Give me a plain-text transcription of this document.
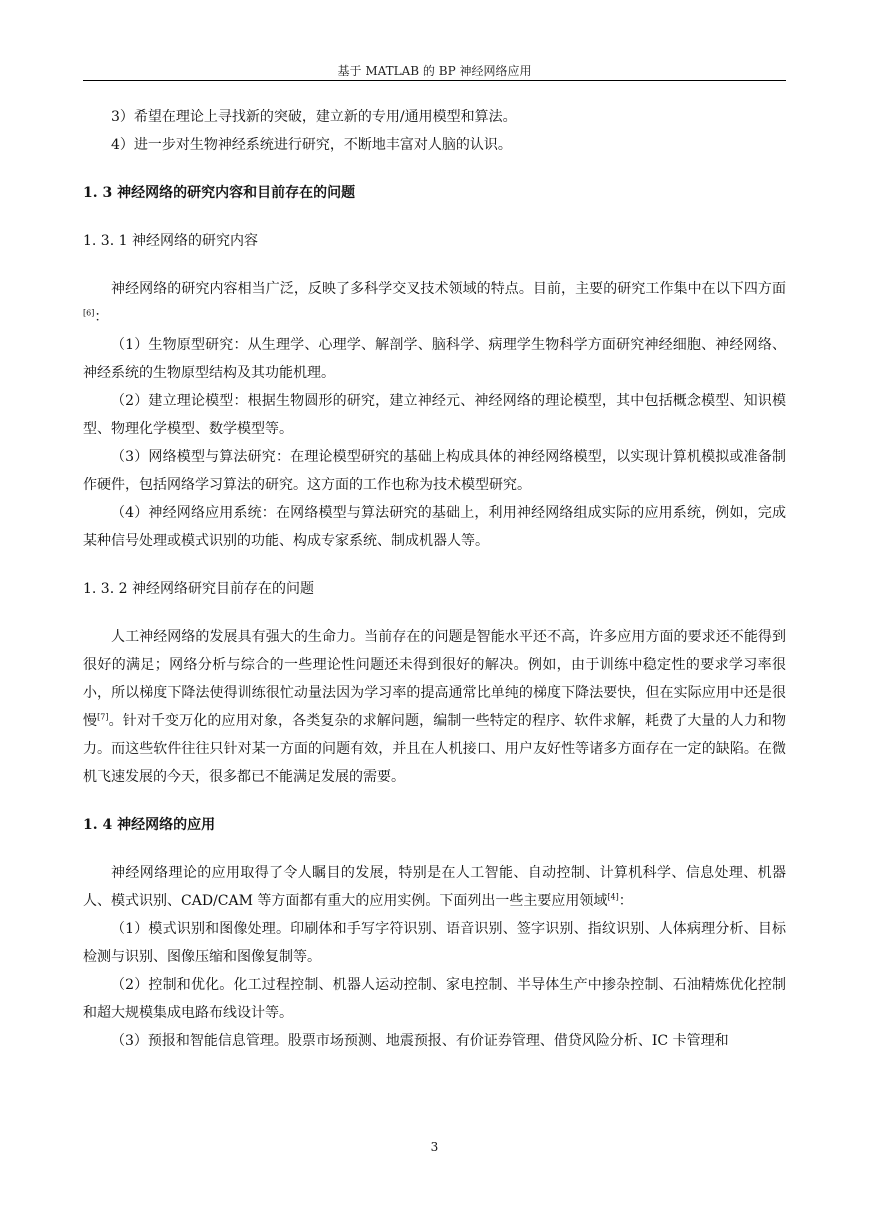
基于 MATLAB 的 BP 神经网络应用

3）希望在理论上寻找新的突破，建立新的专用/通用模型和算法。

4）进一步对生物神经系统进行研究，不断地丰富对人脑的认识。

1. 3 神经网络的研究内容和目前存在的问题

1. 3. 1 神经网络的研究内容

神经网络的研究内容相当广泛，反映了多科学交叉技术领域的特点。目前，主要的研究工作集中在以下四方面[6]：

（1）生物原型研究：从生理学、心理学、解剖学、脑科学、病理学生物科学方面研究神经细胞、神经网络、神经系统的生物原型结构及其功能机理。

（2）建立理论模型：根据生物圆形的研究，建立神经元、神经网络的理论模型，其中包括概念模型、知识模型、物理化学模型、数学模型等。

（3）网络模型与算法研究：在理论模型研究的基础上构成具体的神经网络模型，以实现计算机模拟或准备制作硬件，包括网络学习算法的研究。这方面的工作也称为技术模型研究。

（4）神经网络应用系统：在网络模型与算法研究的基础上，利用神经网络组成实际的应用系统，例如，完成某种信号处理或模式识别的功能、构成专家系统、制成机器人等。

1. 3. 2 神经网络研究目前存在的问题

人工神经网络的发展具有强大的生命力。当前存在的问题是智能水平还不高，许多应用方面的要求还不能得到很好的满足；网络分析与综合的一些理论性问题还未得到很好的解决。例如，由于训练中稳定性的要求学习率很小，所以梯度下降法使得训练很忙动量法因为学习率的提高通常比单纯的梯度下降法要快，但在实际应用中还是很慢[7]。针对千变万化的应用对象，各类复杂的求解问题，编制一些特定的程序、软件求解，耗费了大量的人力和物力。而这些软件往往只针对某一方面的问题有效，并且在人机接口、用户友好性等诸多方面存在一定的缺陷。在微机飞速发展的今天，很多都已不能满足发展的需要。

1. 4 神经网络的应用

神经网络理论的应用取得了令人瞩目的发展，特别是在人工智能、自动控制、计算机科学、信息处理、机器人、模式识别、CAD/CAM 等方面都有重大的应用实例。下面列出一些主要应用领域[4]：

（1）模式识别和图像处理。印刷体和手写字符识别、语音识别、签字识别、指纹识别、人体病理分析、目标检测与识别、图像压缩和图像复制等。

（2）控制和优化。化工过程控制、机器人运动控制、家电控制、半导体生产中掺杂控制、石油精炼优化控制和超大规模集成电路布线设计等。

（3）预报和智能信息管理。股票市场预测、地震预报、有价证券管理、借贷风险分析、IC 卡管理和

3
